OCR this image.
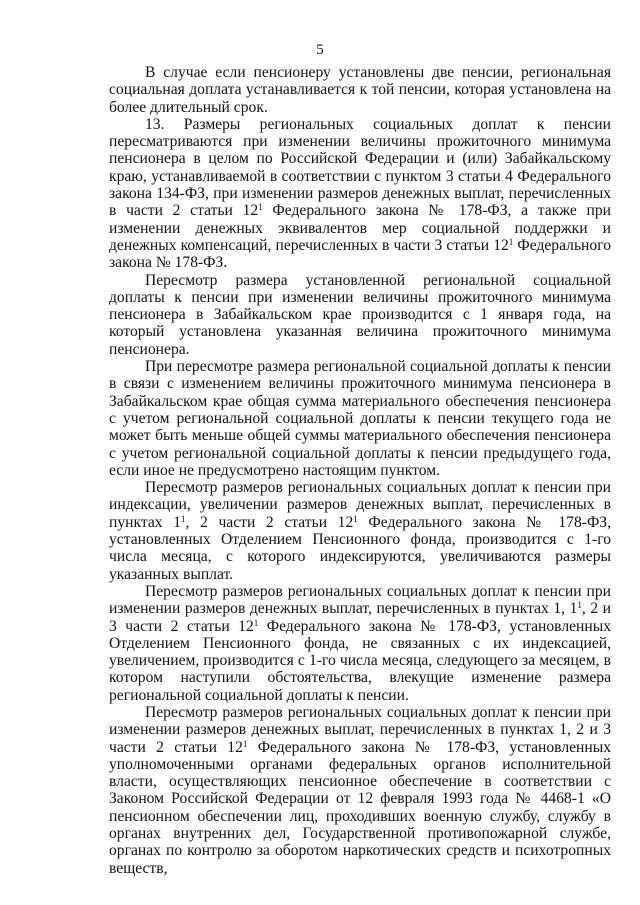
5

В случае если пенсионеру установлены две пенсии, региональная социальная доплата устанавливается к той пенсии, которая установлена на более длительный срок.

13. Размеры региональных социальных доплат к пенсии пересматриваются при изменении величины прожиточного минимума пенсионера в целом по Российской Федерации и (или) Забайкальскому краю, устанавливаемой в соответствии с пунктом 3 статьи 4 Федерального закона 134-ФЗ, при изменении размеров денежных выплат, перечисленных в части 2 статьи $12^1$ Федерального закона № 178-ФЗ, а также при изменении денежных эквивалентов мер социальной поддержки и денежных компенсаций, перечисленных в части 3 статьи $12^1$ Федерального закона № 178-ФЗ.

Пересмотр размера установленной региональной социальной доплаты к пенсии при изменении величины прожиточного минимума пенсионера в Забайкальском крае производится с 1 января года, на который установлена указанная величина прожиточного минимума пенсионера.

При пересмотре размера региональной социальной доплаты к пенсии в связи с изменением величины прожиточного минимума пенсионера в Забайкальском крае общая сумма материального обеспечения пенсионера с учетом региональной социальной доплаты к пенсии текущего года не может быть меньше общей суммы материального обеспечения пенсионера с учетом региональной социальной доплаты к пенсии предыдущего года, если иное не предусмотрено настоящим пунктом.

Пересмотр размеров региональных социальных доплат к пенсии при индексации, увеличении размеров денежных выплат, перечисленных в пунктах $1^1$, 2 части 2 статьи $12^1$ Федерального закона № 178-ФЗ, установленных Отделением Пенсионного фонда, производится с 1-го числа месяца, с которого индексируются, увеличиваются размеры указанных выплат.

Пересмотр размеров региональных социальных доплат к пенсии при изменении размеров денежных выплат, перечисленных в пунктах 1, $1^1$, 2 и 3 части 2 статьи $12^1$ Федерального закона № 178-ФЗ, установленных Отделением Пенсионного фонда, не связанных с их индексацией, увеличением, производится с 1-го числа месяца, следующего за месяцем, в котором наступили обстоятельства, влекущие изменение размера региональной социальной доплаты к пенсии.

Пересмотр размеров региональных социальных доплат к пенсии при изменении размеров денежных выплат, перечисленных в пунктах 1, 2 и 3 части 2 статьи $12^1$ Федерального закона № 178-ФЗ, установленных уполномоченными органами федеральных органов исполнительной власти, осуществляющих пенсионное обеспечение в соответствии с Законом Российской Федерации от 12 февраля 1993 года № 4468-1 «О пенсионном обеспечении лиц, проходивших военную службу, службу в органах внутренних дел, Государственной противопожарной службе, органах по контролю за оборотом наркотических средств и психотропных веществ,
